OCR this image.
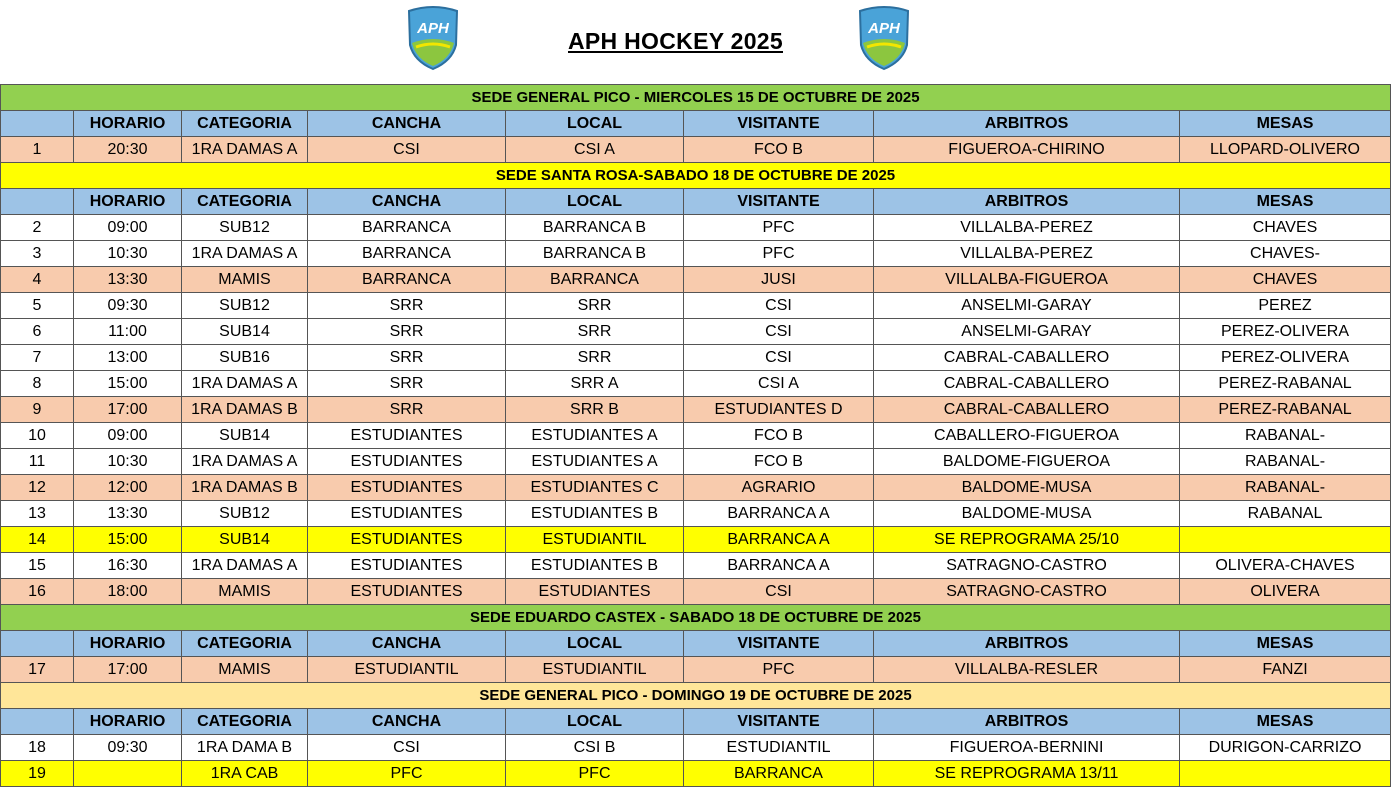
APH	APH HOCKEY 2025	APH
SEDE GENERAL PICO - MIERCOLES 15 DE OCTUBRE DE 2025							
	HORARIO	CATEGORIA	CANCHA	LOCAL	VISITANTE	ARBITROS	MESAS
1	20:30	1RA DAMAS A	CSI	CSI A	FCO B	FIGUEROA-CHIRINO	LLOPARD-OLIVERO
SEDE SANTA ROSA-SABADO 18 DE OCTUBRE DE 2025							
	HORARIO	CATEGORIA	CANCHA	LOCAL	VISITANTE	ARBITROS	MESAS
2	09:00	SUB12	BARRANCA	BARRANCA B	PFC	VILLALBA-PEREZ	CHAVES
3	10:30	1RA DAMAS A	BARRANCA	BARRANCA B	PFC	VILLALBA-PEREZ	CHAVES-
4	13:30	MAMIS	BARRANCA	BARRANCA	JUSI	VILLALBA-FIGUEROA	CHAVES
5	09:30	SUB12	SRR	SRR	CSI	ANSELMI-GARAY	PEREZ
6	11:00	SUB14	SRR	SRR	CSI	ANSELMI-GARAY	PEREZ-OLIVERA
7	13:00	SUB16	SRR	SRR	CSI	CABRAL-CABALLERO	PEREZ-OLIVERA
8	15:00	1RA DAMAS A	SRR	SRR A	CSI A	CABRAL-CABALLERO	PEREZ-RABANAL
9	17:00	1RA DAMAS B	SRR	SRR B	ESTUDIANTES D	CABRAL-CABALLERO	PEREZ-RABANAL
10	09:00	SUB14	ESTUDIANTES	ESTUDIANTES A	FCO B	CABALLERO-FIGUEROA	RABANAL-
11	10:30	1RA DAMAS A	ESTUDIANTES	ESTUDIANTES A	FCO B	BALDOME-FIGUEROA	RABANAL-
12	12:00	1RA DAMAS B	ESTUDIANTES	ESTUDIANTES C	AGRARIO	BALDOME-MUSA	RABANAL-
13	13:30	SUB12	ESTUDIANTES	ESTUDIANTES B	BARRANCA A	BALDOME-MUSA	RABANAL
14	15:00	SUB14	ESTUDIANTES	ESTUDIANTIL	BARRANCA A	SE REPROGRAMA 25/10	
15	16:30	1RA DAMAS A	ESTUDIANTES	ESTUDIANTES B	BARRANCA A	SATRAGNO-CASTRO	OLIVERA-CHAVES
16	18:00	MAMIS	ESTUDIANTES	ESTUDIANTES	CSI	SATRAGNO-CASTRO	OLIVERA
SEDE EDUARDO CASTEX - SABADO 18 DE OCTUBRE DE 2025							
	HORARIO	CATEGORIA	CANCHA	LOCAL	VISITANTE	ARBITROS	MESAS
17	17:00	MAMIS	ESTUDIANTIL	ESTUDIANTIL	PFC	VILLALBA-RESLER	FANZI
SEDE GENERAL PICO - DOMINGO 19 DE OCTUBRE DE 2025							
	HORARIO	CATEGORIA	CANCHA	LOCAL	VISITANTE	ARBITROS	MESAS
18	09:30	1RA DAMA B	CSI	CSI B	ESTUDIANTIL	FIGUEROA-BERNINI	DURIGON-CARRIZO
19		1RA CAB	PFC	PFC	BARRANCA	SE REPROGRAMA 13/11	
